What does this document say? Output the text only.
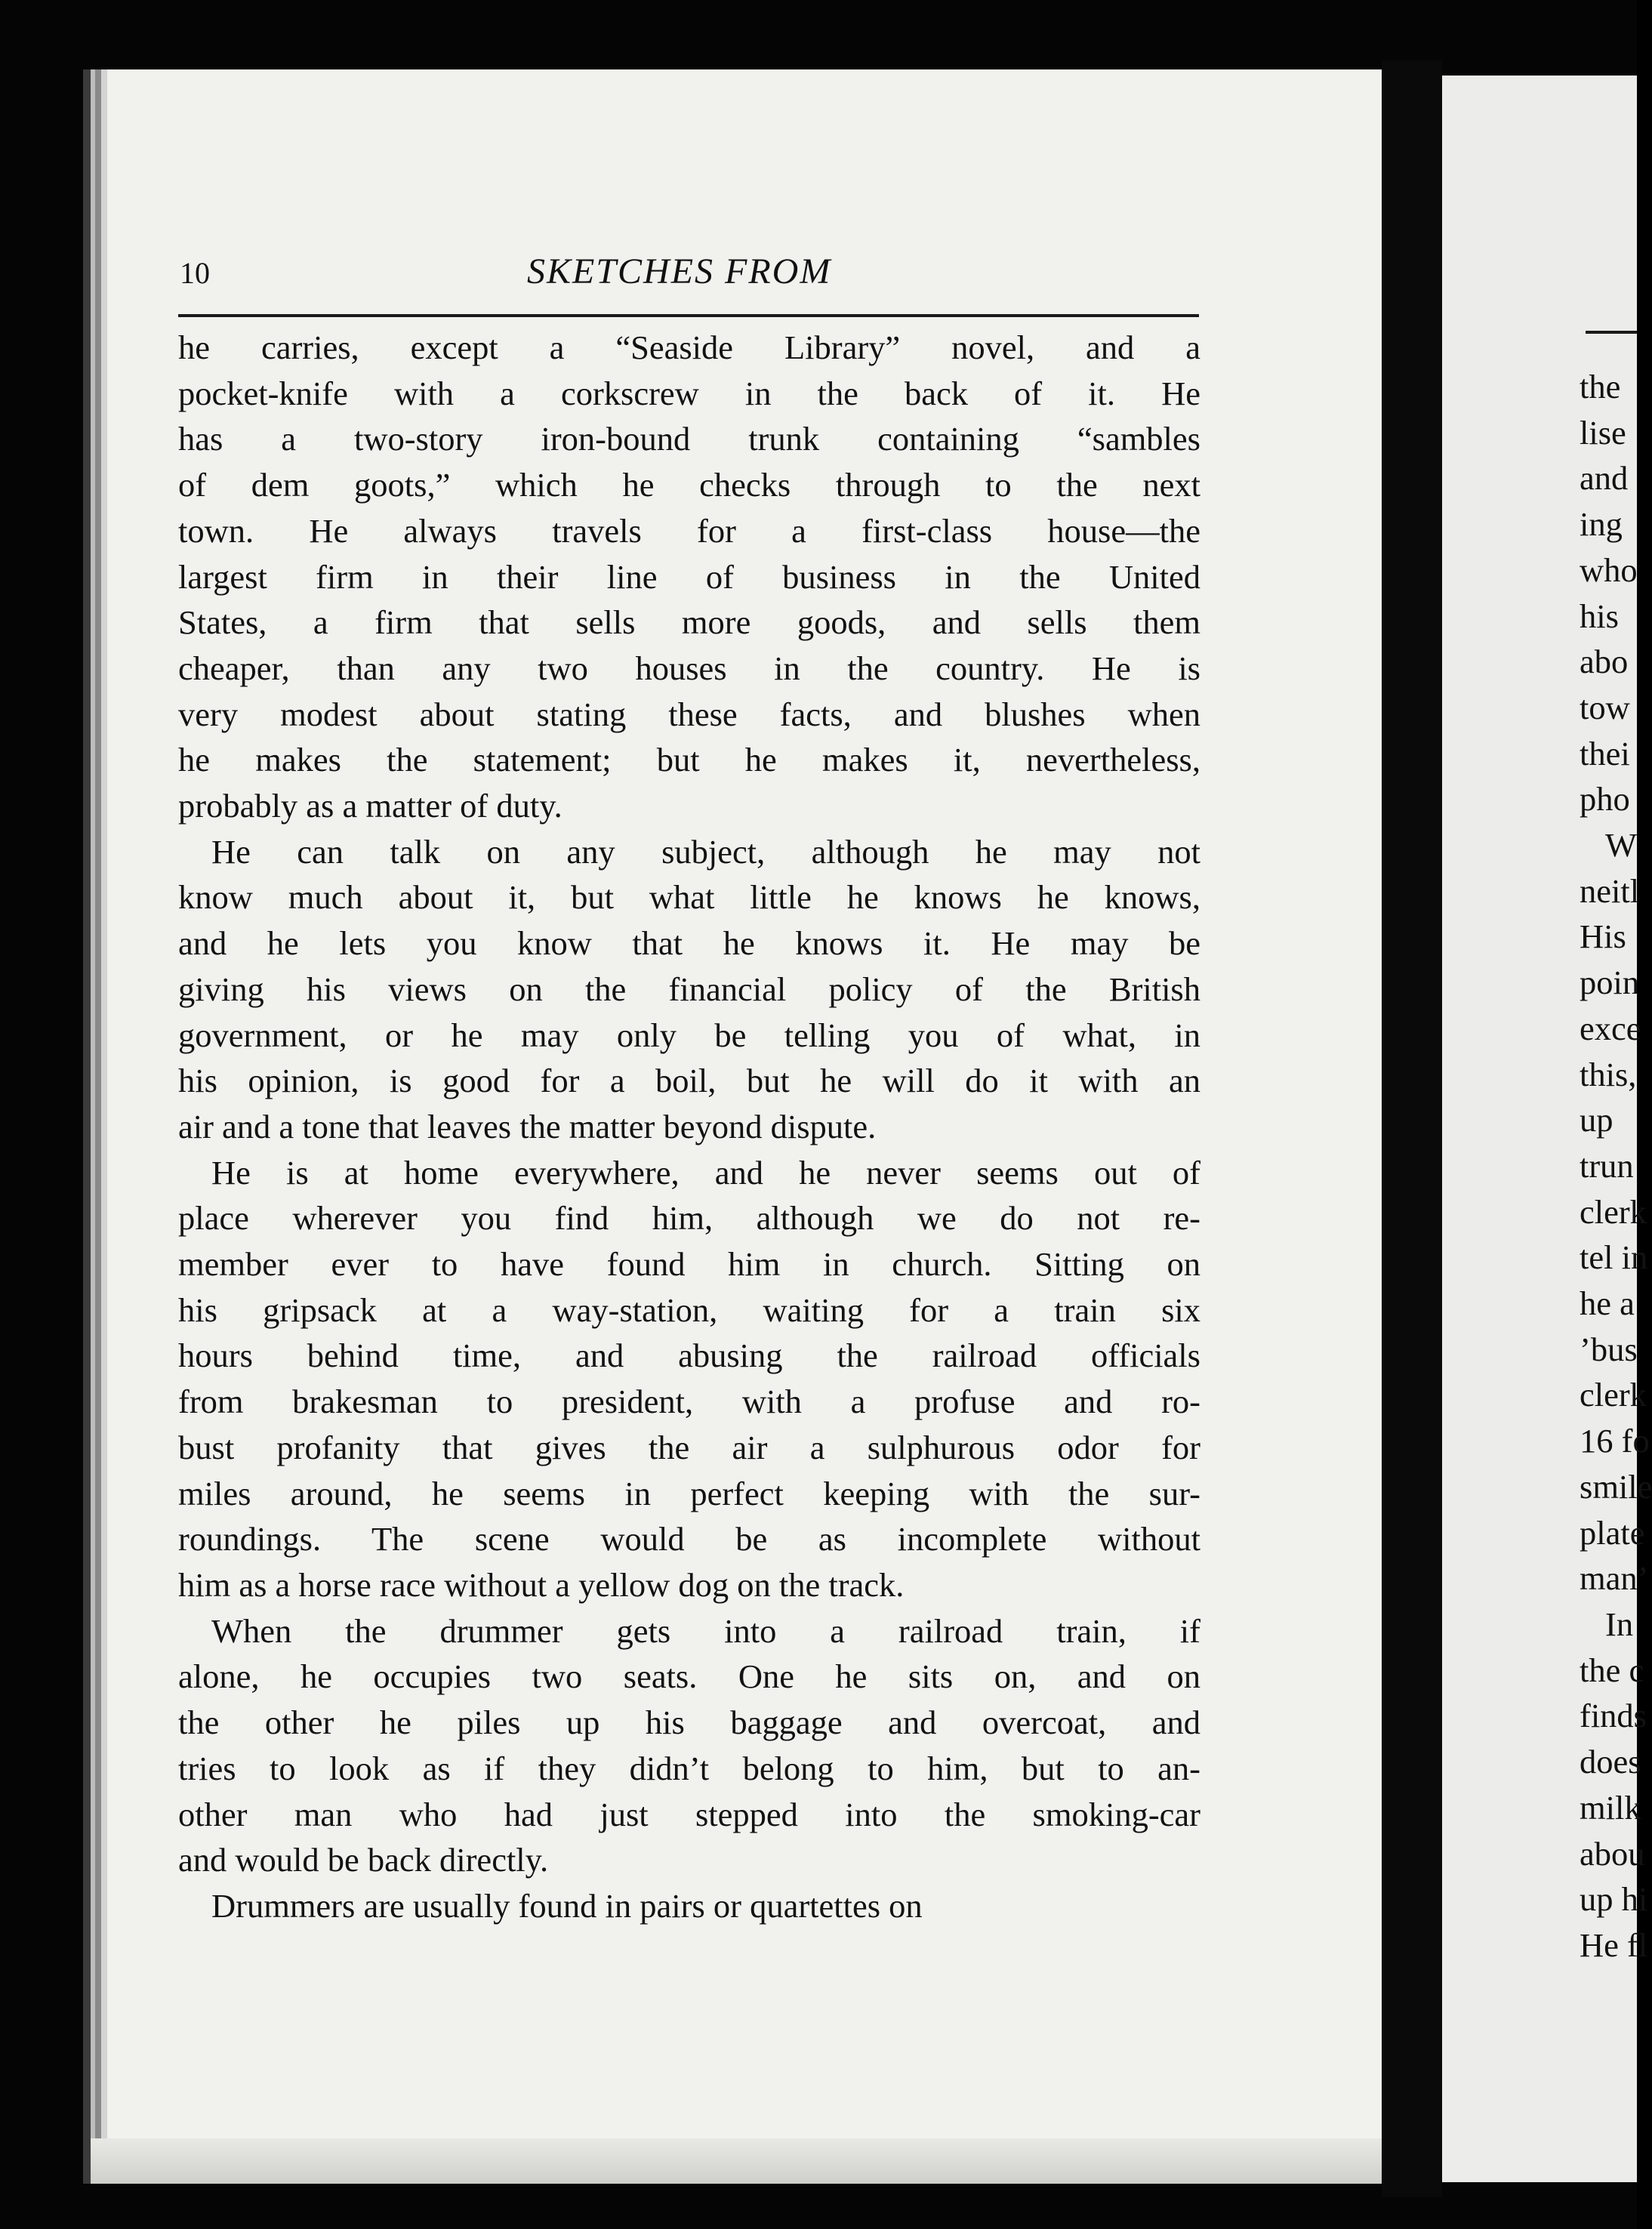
10	SKETCHES FROM
he carries, except a “Seaside Library” novel, and a
pocket-knife with a corkscrew in the back of it. He
has a two-story iron-bound trunk containing “sambles
of dem goots,” which he checks through to the next
town. He always travels for a first-class house—the
largest firm in their line of business in the United
States, a firm that sells more goods, and sells them
cheaper, than any two houses in the country. He is
very modest about stating these facts, and blushes when
he makes the statement; but he makes it, nevertheless,
probably as a matter of duty.
He can talk on any subject, although he may not
know much about it, but what little he knows he knows,
and he lets you know that he knows it. He may be
giving his views on the financial policy of the British
government, or he may only be telling you of what, in
his opinion, is good for a boil, but he will do it with an
air and a tone that leaves the matter beyond dispute.
He is at home everywhere, and he never seems out of
place wherever you find him, although we do not re-
member ever to have found him in church. Sitting on
his gripsack at a way-station, waiting for a train six
hours behind time, and abusing the railroad officials
from brakesman to president, with a profuse and ro-
bust profanity that gives the air a sulphurous odor for
miles around, he seems in perfect keeping with the sur-
roundings. The scene would be as incomplete without
him as a horse race without a yellow dog on the track.
When the drummer gets into a railroad train, if
alone, he occupies two seats. One he sits on, and on
the other he piles up his baggage and overcoat, and
tries to look as if they didn’t belong to him, but to an-
other man who had just stepped into the smoking-car
and would be back directly.
Drummers are usually found in pairs or quartettes on
the
lise
and
ing
who
his
abo
tow
thei
pho
W
neitl
His
poin
exce
this,
up
trun
clerk
tel in
he a
’bus
clerk
16 fo
smile
plate
man’
In
the c
finds
does
milk
abou
up hi
He fl
